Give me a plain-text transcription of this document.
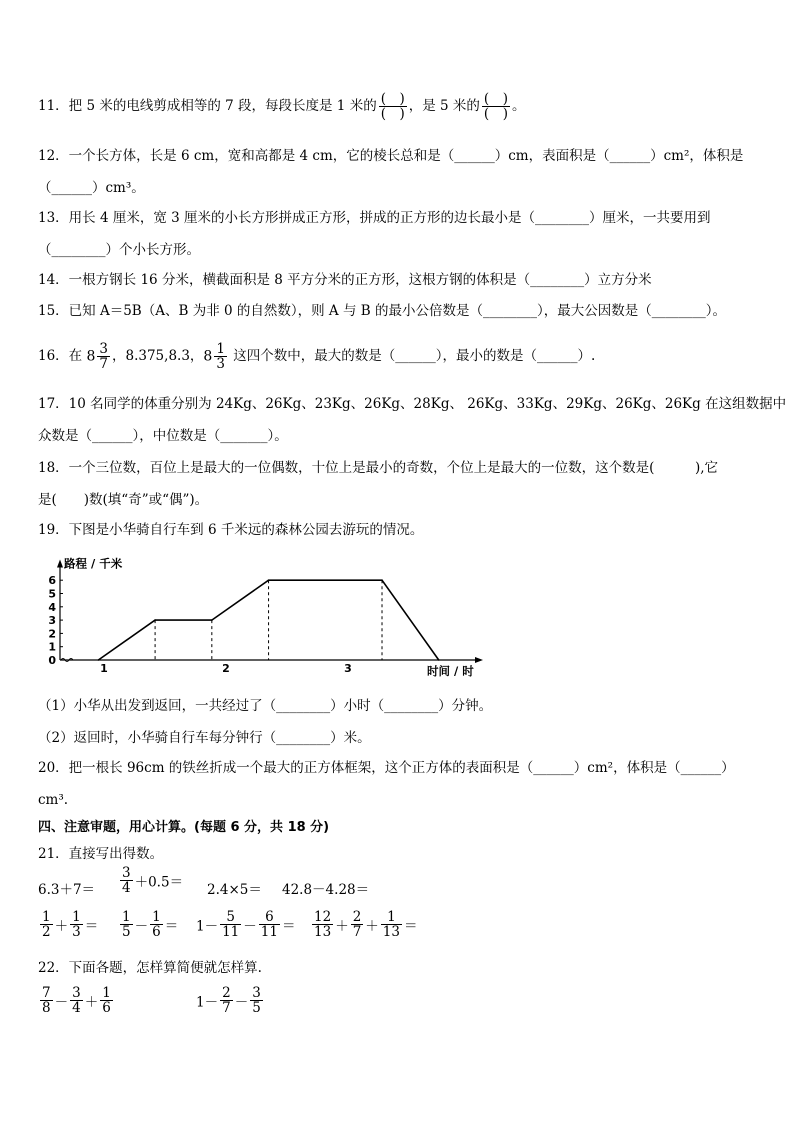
11．把 5 米的电线剪成相等的 7 段，每段长度是 1 米的 $\frac{( )}{( )}$ ，是 5 米的 $\frac{( )}{( )}$ 。
12．一个长方体，长是 6 cm，宽和高都是 4 cm，它的棱长总和是（______）cm，表面积是（______）cm²，体积是
（______）cm³。
13．用长 4 厘米，宽 3 厘米的小长方形拼成正方形，拼成的正方形的边长最小是（________）厘米，一共要用到
（________）个小长方形。
14．一根方钢长 16 分米，横截面积是 8 平方分米的正方形，这根方钢的体积是（________）立方分米
15．已知 A＝5B（A、B 为非 0 的自然数），则 A 与 B 的最小公倍数是（________），最大公因数是（________）。
16．在 $8 \frac{3}{7}$ ，8.375,8.3，$8 \frac{1}{3}$ 这四个数中，最大的数是（______），最小的数是（______）.
17．10 名同学的体重分别为 24Kg、26Kg、23Kg、26Kg、28Kg、 26Kg、33Kg、29Kg、26Kg、26Kg 在这组数据中
众数是（______），中位数是（_______）。
18．一个三位数，百位上是最大的一位偶数，十位上是最小的奇数，个位上是最大的一位数，这个数是(　　　),它
是(　　)数(填“奇”或“偶”)。
19．下图是小华骑自行车到 6 千米远的森林公园去游玩的情况。
0
1
2
3
4
5
6
1	2	3
路程 / 千米
时间 / 时
（1）小华从出发到返回，一共经过了（________）小时（________）分钟。
（2）返回时，小华骑自行车每分钟行（________）米。
20．把一根长 96cm 的铁丝折成一个最大的正方体框架，这个正方体的表面积是（______）cm²，体积是（______）
cm³.
四、注意审题，用心计算。(每题 6 分，共 18 分)
21．直接写出得数。
$6.3+7= \frac{3}{4} +0.5= 2.4\times 5= 42.8-4.28=$
$\frac{1}{2} + \frac{1}{3} = \frac{1}{5} - \frac{1}{6} = 1- \frac{5}{11} - \frac{6}{11} = \frac{12}{13} + \frac{2}{7} + \frac{1}{13}$ ＝
22．下面各题，怎样算简便就怎样算.
$\frac{7}{8} - \frac{3}{4} + \frac{1}{6}$	$1- \frac{2}{7} - \frac{3}{5}$
